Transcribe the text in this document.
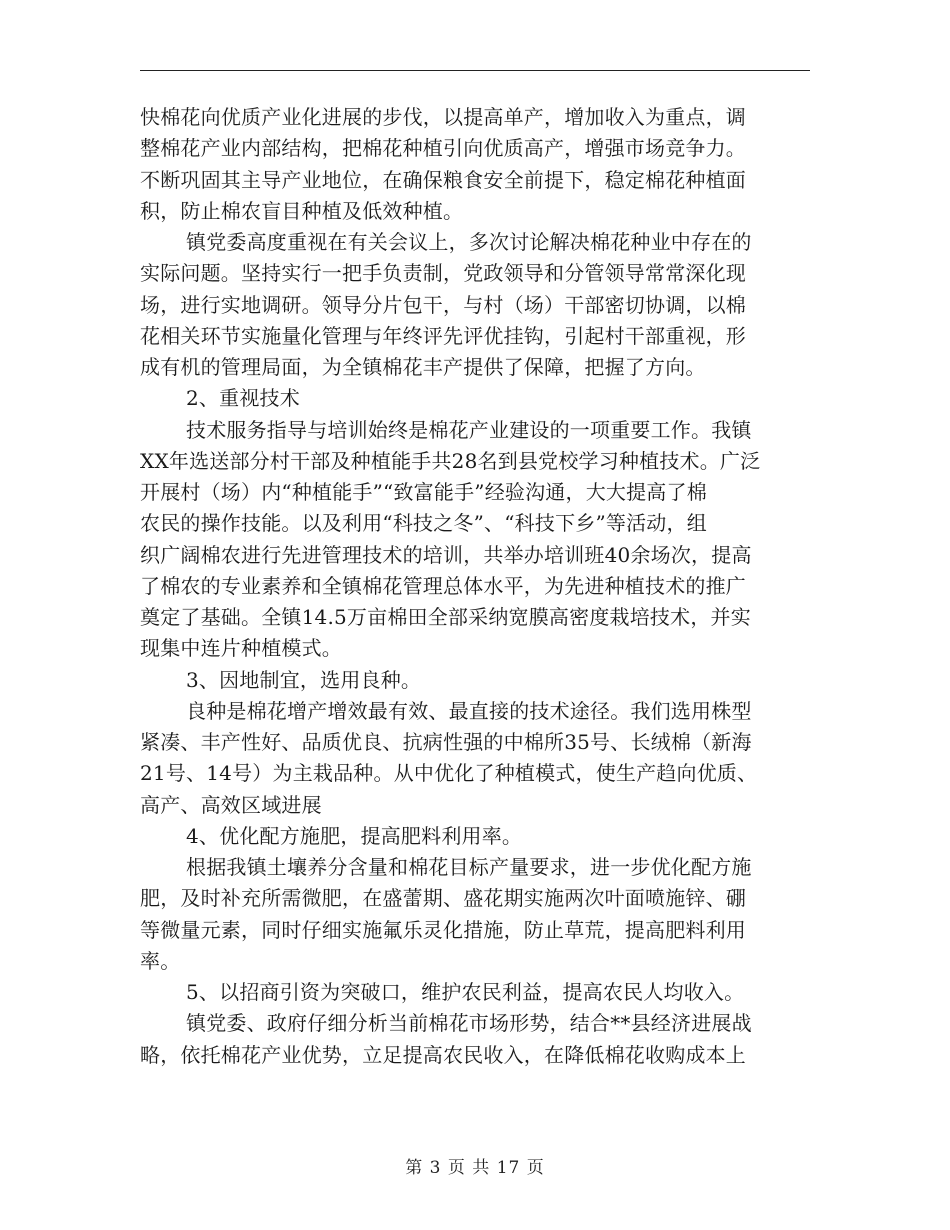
快棉花向优质产业化进展的步伐，以提高单产，增加收入为重点，调
整棉花产业内部结构，把棉花种植引向优质高产，增强市场竞争力。
不断巩固其主导产业地位，在确保粮食安全前提下，稳定棉花种植面
积，防止棉农盲目种植及低效种植。
镇党委高度重视在有关会议上，多次讨论解决棉花种业中存在的
实际问题。坚持实行一把手负责制，党政领导和分管领导常常深化现
场，进行实地调研。领导分片包干，与村（场）干部密切协调，以棉
花相关环节实施量化管理与年终评先评优挂钩，引起村干部重视，形
成有机的管理局面，为全镇棉花丰产提供了保障，把握了方向。
2、重视技术
技术服务指导与培训始终是棉花产业建设的一项重要工作。我镇
XX年选送部分村干部及种植能手共28名到县党校学习种植技术。广泛
开展村（场）内“种植能手”“致富能手”经验沟通，大大提高了棉
农民的操作技能。以及利用“科技之冬”、“科技下乡”等活动，组
织广阔棉农进行先进管理技术的培训，共举办培训班40余场次，提高
了棉农的专业素养和全镇棉花管理总体水平，为先进种植技术的推广
奠定了基础。全镇14.5万亩棉田全部采纳宽膜高密度栽培技术，并实
现集中连片种植模式。
3、因地制宜，选用良种。
良种是棉花增产增效最有效、最直接的技术途径。我们选用株型
紧凑、丰产性好、品质优良、抗病性强的中棉所35号、长绒棉（新海
21号、14号）为主栽品种。从中优化了种植模式，使生产趋向优质、
高产、高效区域进展
4、优化配方施肥，提高肥料利用率。
根据我镇土壤养分含量和棉花目标产量要求，进一步优化配方施
肥，及时补充所需微肥，在盛蕾期、盛花期实施两次叶面喷施锌、硼
等微量元素，同时仔细实施氟乐灵化措施，防止草荒，提高肥料利用
率。
5、以招商引资为突破口，维护农民利益，提高农民人均收入。
镇党委、政府仔细分析当前棉花市场形势，结合**县经济进展战
略，依托棉花产业优势，立足提高农民收入，在降低棉花收购成本上
第 3 页 共 17 页
